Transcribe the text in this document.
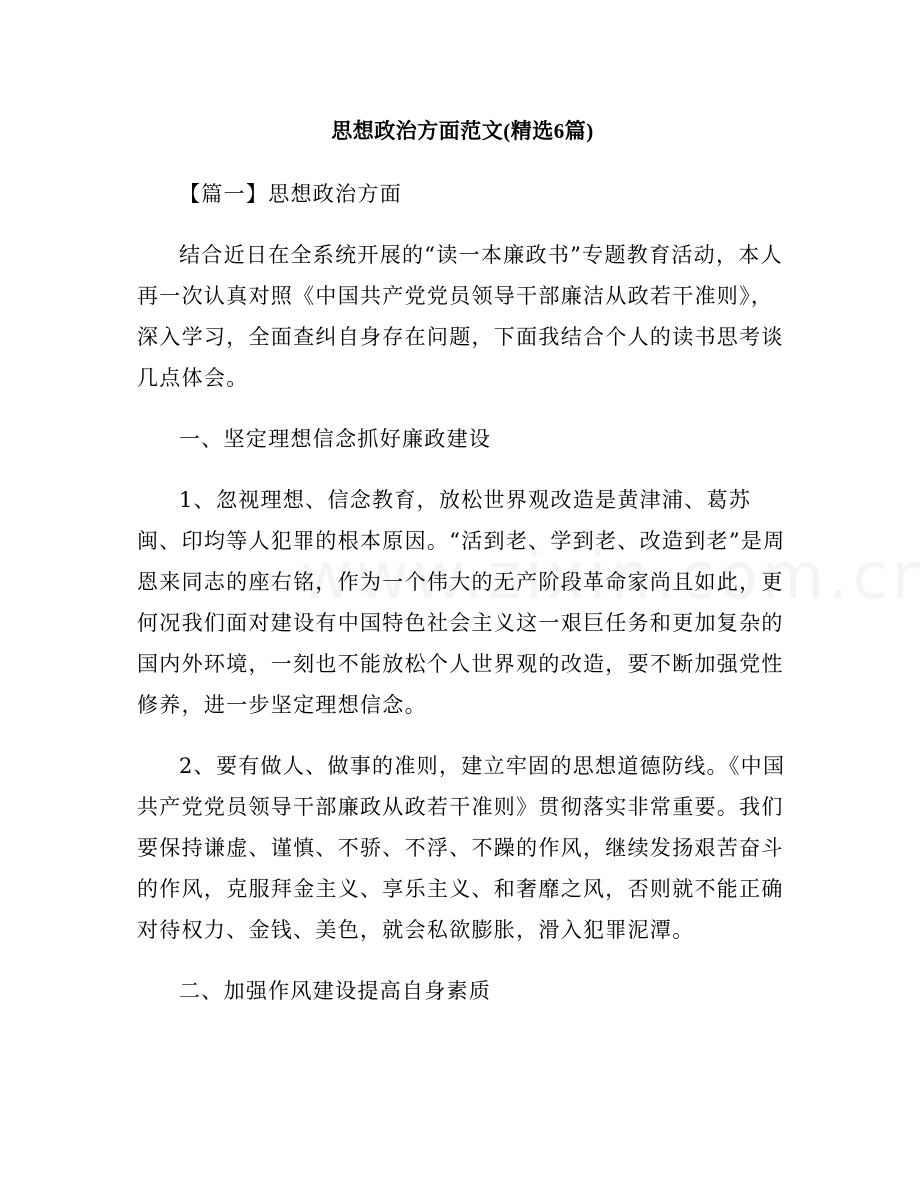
思想政治方面范文(精选6篇)

【篇一】思想政治方面

结合近日在全系统开展的“读一本廉政书”专题教育活动，本人再一次认真对照《中国共产党党员领导干部廉洁从政若干准则》，深入学习，全面查纠自身存在问题，下面我结合个人的读书思考谈几点体会。

一、坚定理想信念抓好廉政建设

1、忽视理想、信念教育，放松世界观改造是黄津浦、葛苏闽、印均等人犯罪的根本原因。“活到老、学到老、改造到老”是周恩来同志的座右铭，作为一个伟大的无产阶段革命家尚且如此，更何况我们面对建设有中国特色社会主义这一艰巨任务和更加复杂的国内外环境，一刻也不能放松个人世界观的改造，要不断加强党性修养，进一步坚定理想信念。

2、要有做人、做事的准则，建立牢固的思想道德防线。《中国共产党党员领导干部廉政从政若干准则》贯彻落实非常重要。我们要保持谦虚、谨慎、不骄、不浮、不躁的作风，继续发扬艰苦奋斗的作风，克服拜金主义、享乐主义、和奢靡之风，否则就不能正确对待权力、金钱、美色，就会私欲膨胀，滑入犯罪泥潭。

二、加强作风建设提高自身素质
